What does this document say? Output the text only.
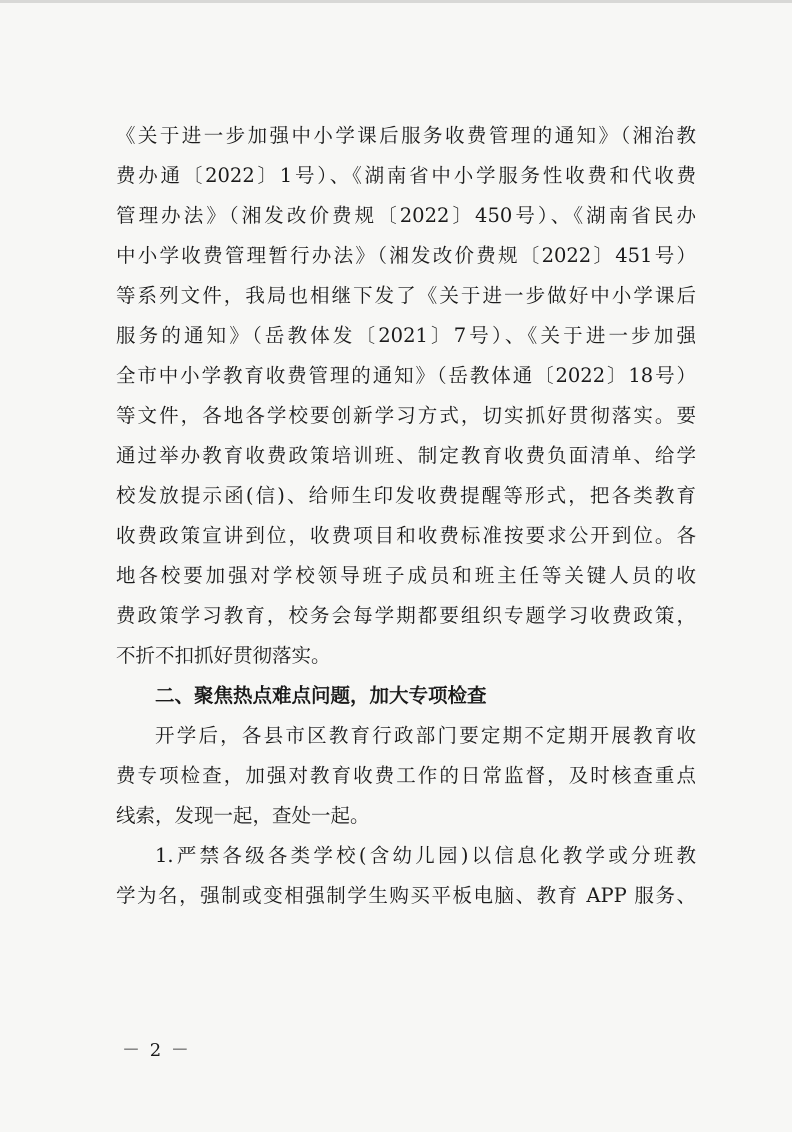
《关于进一步加强中小学课后服务收费管理的通知》（湘治教
费办通〔2022〕1号）、《湖南省中小学服务性收费和代收费
管理办法》（湘发改价费规〔2022〕450号）、《湖南省民办
中小学收费管理暂行办法》（湘发改价费规〔2022〕451号）
等系列文件，我局也相继下发了《关于进一步做好中小学课后
服务的通知》（岳教体发〔2021〕7号）、《关于进一步加强
全市中小学教育收费管理的通知》（岳教体通〔2022〕18号）
等文件，各地各学校要创新学习方式，切实抓好贯彻落实。要
通过举办教育收费政策培训班、制定教育收费负面清单、给学
校发放提示函(信)、给师生印发收费提醒等形式，把各类教育
收费政策宣讲到位，收费项目和收费标准按要求公开到位。各
地各校要加强对学校领导班子成员和班主任等关键人员的收
费政策学习教育，校务会每学期都要组织专题学习收费政策，
不折不扣抓好贯彻落实。
二、聚焦热点难点问题，加大专项检查
开学后，各县市区教育行政部门要定期不定期开展教育收
费专项检查，加强对教育收费工作的日常监督，及时核查重点
线索，发现一起，查处一起。
1.严禁各级各类学校(含幼儿园)以信息化教学或分班教
学为名，强制或变相强制学生购买平板电脑、教育 APP 服务、
－ 2 －
